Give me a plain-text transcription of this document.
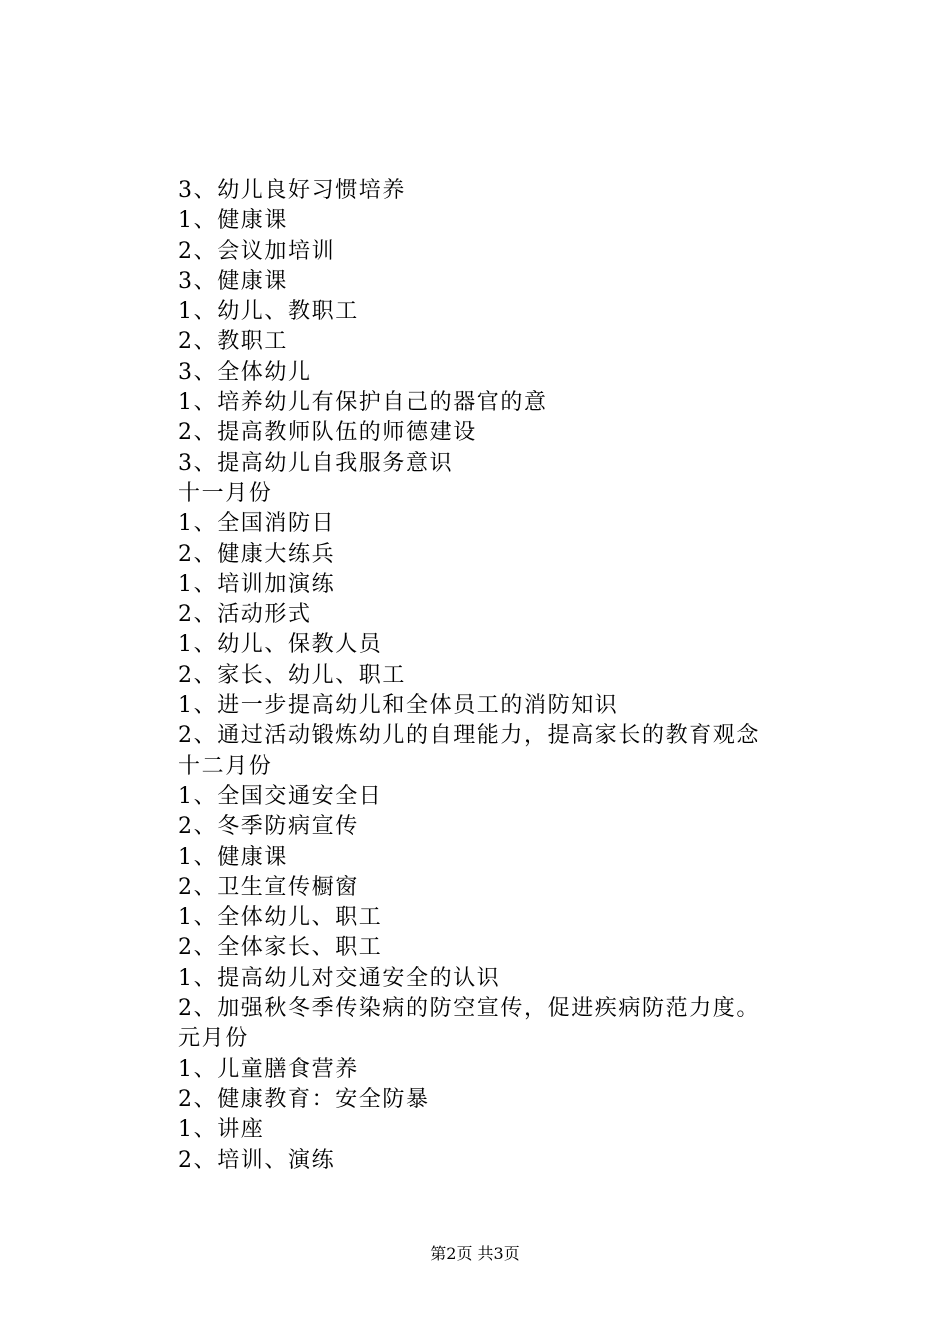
3、幼儿良好习惯培养
1、健康课
2、会议加培训
3、健康课
1、幼儿、教职工
2、教职工
3、全体幼儿
1、培养幼儿有保护自己的器官的意
2、提高教师队伍的师德建设
3、提高幼儿自我服务意识
十一月份
1、全国消防日
2、健康大练兵
1、培训加演练
2、活动形式
1、幼儿、保教人员
2、家长、幼儿、职工
1、进一步提高幼儿和全体员工的消防知识
2、通过活动锻炼幼儿的自理能力，提高家长的教育观念
十二月份
1、全国交通安全日
2、冬季防病宣传
1、健康课
2、卫生宣传橱窗
1、全体幼儿、职工
2、全体家长、职工
1、提高幼儿对交通安全的认识
2、加强秋冬季传染病的防空宣传，促进疾病防范力度。
元月份
1、儿童膳食营养
2、健康教育：安全防暴
1、讲座
2、培训、演练
第2页 共3页
